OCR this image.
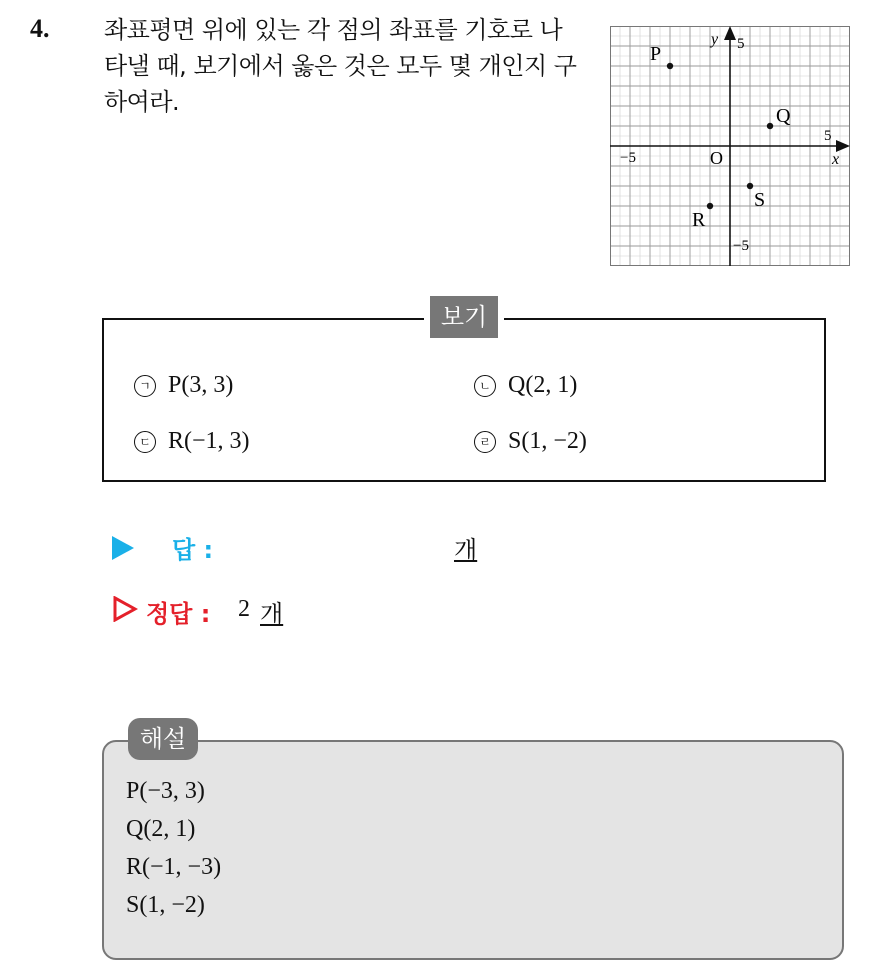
4. 좌표평면 위에 있는 각 점의 좌표를 기호로 나타낼 때, 보기에서 옳은 것은 모두 몇 개인지 구하여라.
P
Q
R
S
x
y
O
−5
5
5
−5
보기
ㄱ P(3, 3)	ㄴ Q(2, 1)
ㄷ R(−1, 3)	ㄹ S(1, −2)
답 :	개
정답 : 2 개
해설
P(−3, 3)
Q(2, 1)
R(−1, −3)
S(1, −2)
